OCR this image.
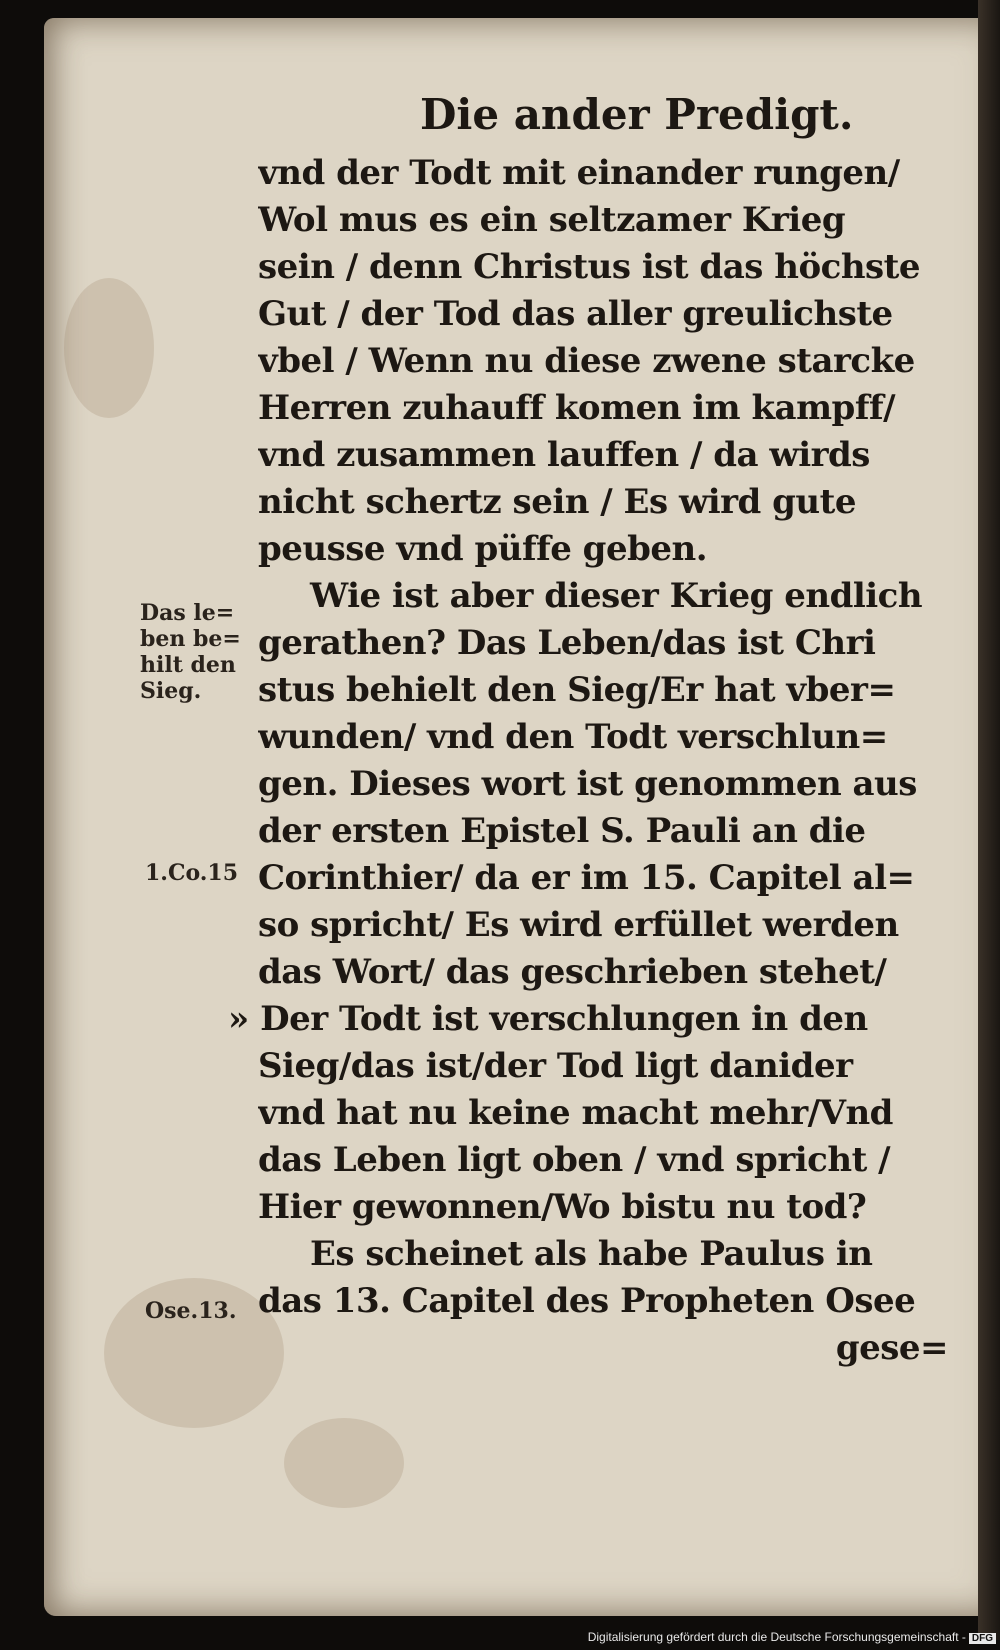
Die ander Predigt.
vnd der Todt mit einander rungen/
Wol mus es ein seltzamer Krieg
sein / denn Christus ist das höchste
Gut / der Tod das aller greulichste
vbel / Wenn nu diese zwene starcke
Herren zuhauff komen im kampff/
vnd zusammen lauffen / da wirds
nicht schertz sein / Es wird gute
peusse vnd püffe geben.
Wie ist aber dieser Krieg endlich
gerathen? Das Leben/das ist Chri
stus behielt den Sieg/Er hat vber=
wunden/ vnd den Todt verschlun=
gen. Dieses wort ist genommen aus
der ersten Epistel S. Pauli an die
Corinthier/ da er im 15. Capitel al=
so spricht/ Es wird erfüllet werden
das Wort/ das geschrieben stehet/
» Der Todt ist verschlungen in den
Sieg/das ist/der Tod ligt danider
vnd hat nu keine macht mehr/Vnd
das Leben ligt oben / vnd spricht /
Hier gewonnen/Wo bistu nu tod?
Es scheinet als habe Paulus in
das 13. Capitel des Propheten Osee
gese=
Das le=
ben be=
hilt den
Sieg.
1.Co.15
Ose.13.
Digitalisierung gefördert durch die Deutsche Forschungsgemeinschaft - DFG
